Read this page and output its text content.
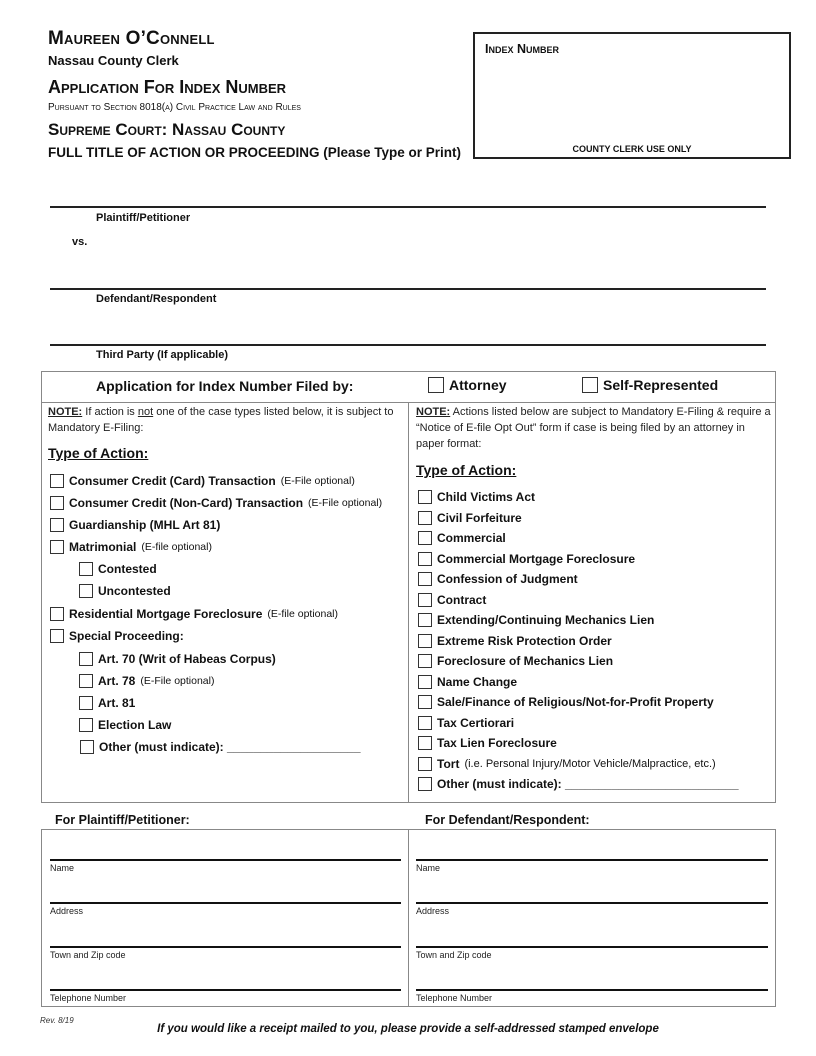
Maureen O’Connell
Nassau County Clerk
Application For Index Number
Pursuant to Section 8018(a) Civil Practice Law and Rules
Supreme Court: Nassau County
FULL TITLE OF ACTION OR PROCEEDING (Please Type or Print)
Index Number
COUNTY CLERK USE ONLY
Plaintiff/Petitioner
vs.
Defendant/Respondent
Third Party (If applicable)
Application for Index Number Filed by:	Attorney	Self-Represented
NOTE: If action is not one of the case types listed below, it is subject to Mandatory E-Filing:
Type of Action:
Consumer Credit (Card) Transaction (E-File optional)
Consumer Credit (Non-Card) Transaction (E-File optional)
Guardianship (MHL Art 81)
Matrimonial (E-file optional)
Contested
Uncontested
Residential Mortgage Foreclosure (E-file optional)
Special Proceeding:
Art. 70 (Writ of Habeas Corpus)
Art. 78 (E-File optional)
Art. 81
Election Law
Other (must indicate): ____________________
NOTE: Actions listed below are subject to Mandatory E-Filing & require a “Notice of E-file Opt Out” form if case is being filed by an attorney in paper format:
Type of Action:
Child Victims Act
Civil Forfeiture
Commercial
Commercial Mortgage Foreclosure
Confession of Judgment
Contract
Extending/Continuing Mechanics Lien
Extreme Risk Protection Order
Foreclosure of Mechanics Lien
Name Change
Sale/Finance of Religious/Not-for-Profit Property
Tax Certiorari
Tax Lien Foreclosure
Tort (i.e. Personal Injury/Motor Vehicle/Malpractice, etc.)
Other (must indicate): __________________________
For Plaintiff/Petitioner:	For Defendant/Respondent:
Name
Address
Town and Zip code
Telephone Number
Name
Address
Town and Zip code
Telephone Number
Rev. 8/19
If you would like a receipt mailed to you, please provide a self-addressed stamped envelope
